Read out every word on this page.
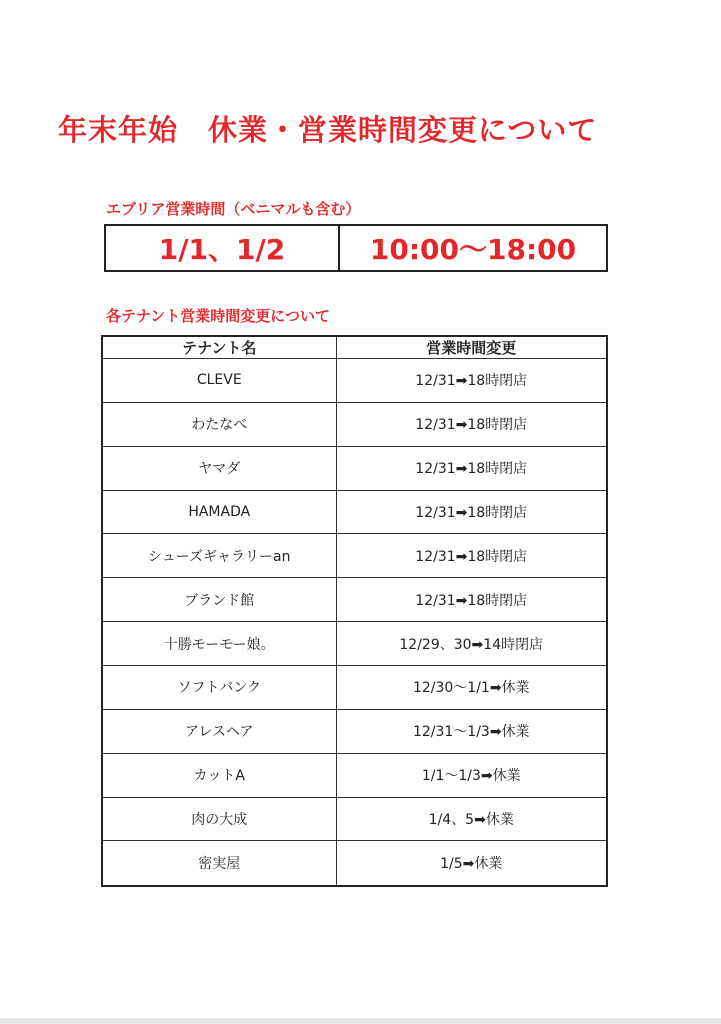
年末年始　休業・営業時間変更について
エブリア営業時間（ベニマルも含む）
1/1、1/2	10:00〜18:00
各テナント営業時間変更について
テナント名	営業時間変更
CLEVE	12/31➡18時閉店
わたなべ	12/31➡18時閉店
ヤマダ	12/31➡18時閉店
HAMADA	12/31➡18時閉店
シューズギャラリーan	12/31➡18時閉店
ブランド館	12/31➡18時閉店
十勝モーモー娘。	12/29、30➡14時閉店
ソフトバンク	12/30〜1/1➡休業
アレスヘア	12/31〜1/3➡休業
カットA	1/1〜1/3➡休業
肉の大成	1/4、5➡休業
密実屋	1/5➡休業
